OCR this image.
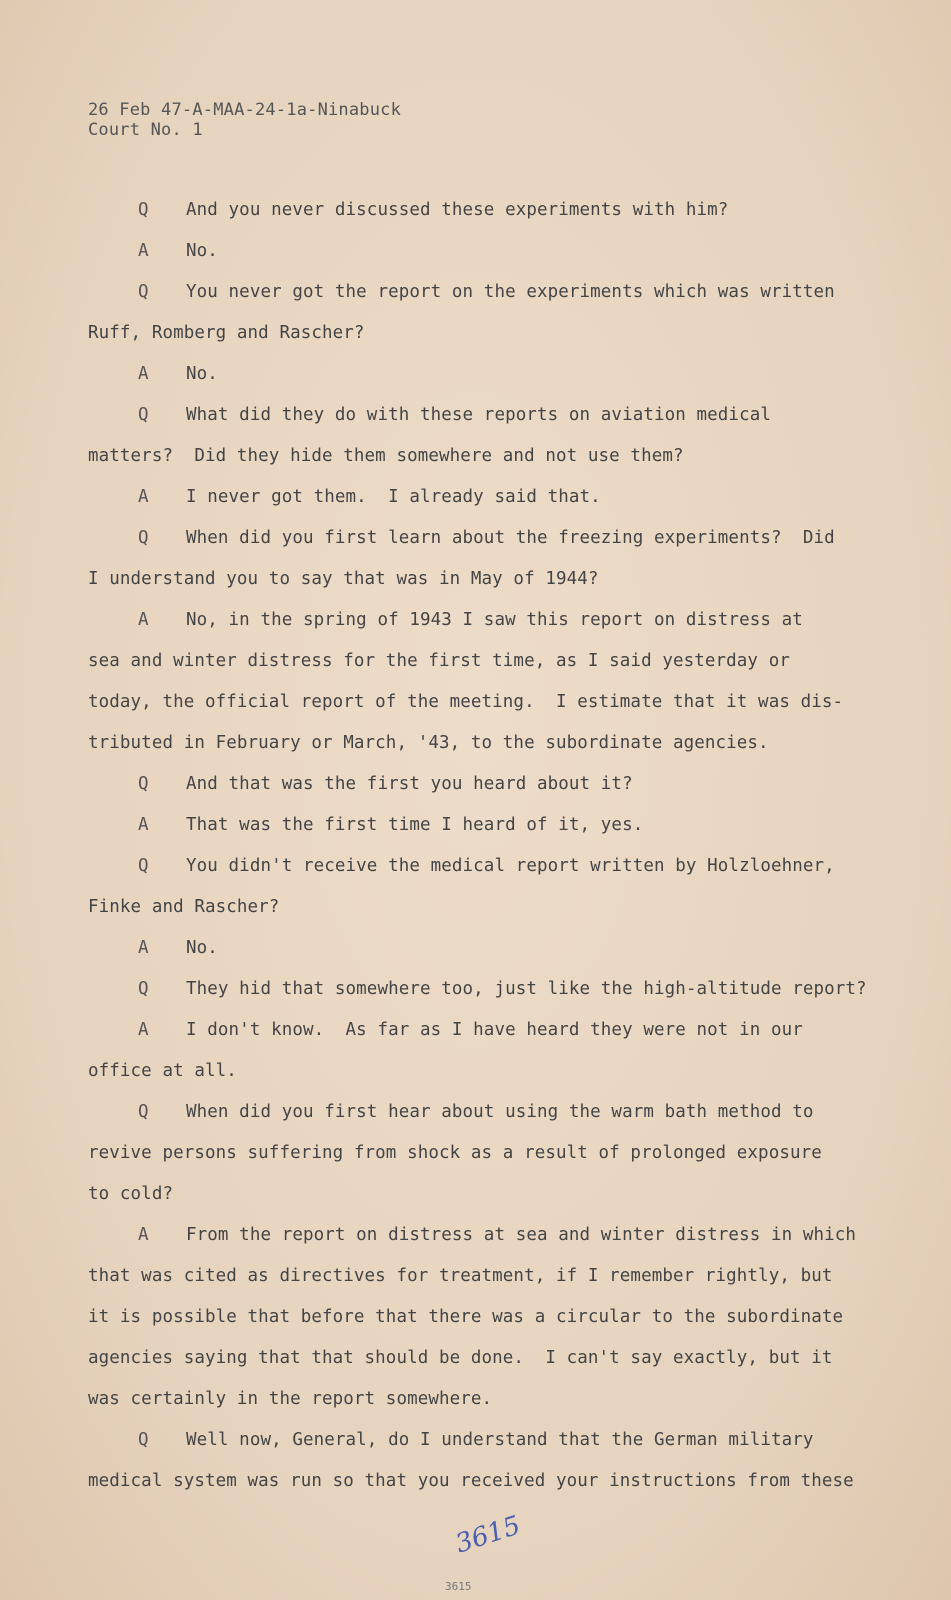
26 Feb 47-A-MAA-24-1a-Ninabuck
Court No. 1
Q And you never discussed these experiments with him?
A No.
Q You never got the report on the experiments which was written
Ruff, Romberg and Rascher?
A No.
Q What did they do with these reports on aviation medical
matters?  Did they hide them somewhere and not use them?
A I never got them.  I already said that.
Q When did you first learn about the freezing experiments?  Did
I understand you to say that was in May of 1944?
A No, in the spring of 1943 I saw this report on distress at
sea and winter distress for the first time, as I said yesterday or
today, the official report of the meeting.  I estimate that it was dis-
tributed in February or March, '43, to the subordinate agencies.
Q And that was the first you heard about it?
A That was the first time I heard of it, yes.
Q You didn't receive the medical report written by Holzloehner,
Finke and Rascher?
A No.
Q They hid that somewhere too, just like the high-altitude report?
A I don't know.  As far as I have heard they were not in our
office at all.
Q When did you first hear about using the warm bath method to
revive persons suffering from shock as a result of prolonged exposure
to cold?
A From the report on distress at sea and winter distress in which
that was cited as directives for treatment, if I remember rightly, but
it is possible that before that there was a circular to the subordinate
agencies saying that that should be done.  I can't say exactly, but it
was certainly in the report somewhere.
Q Well now, General, do I understand that the German military
medical system was run so that you received your instructions from these
3615
3615
